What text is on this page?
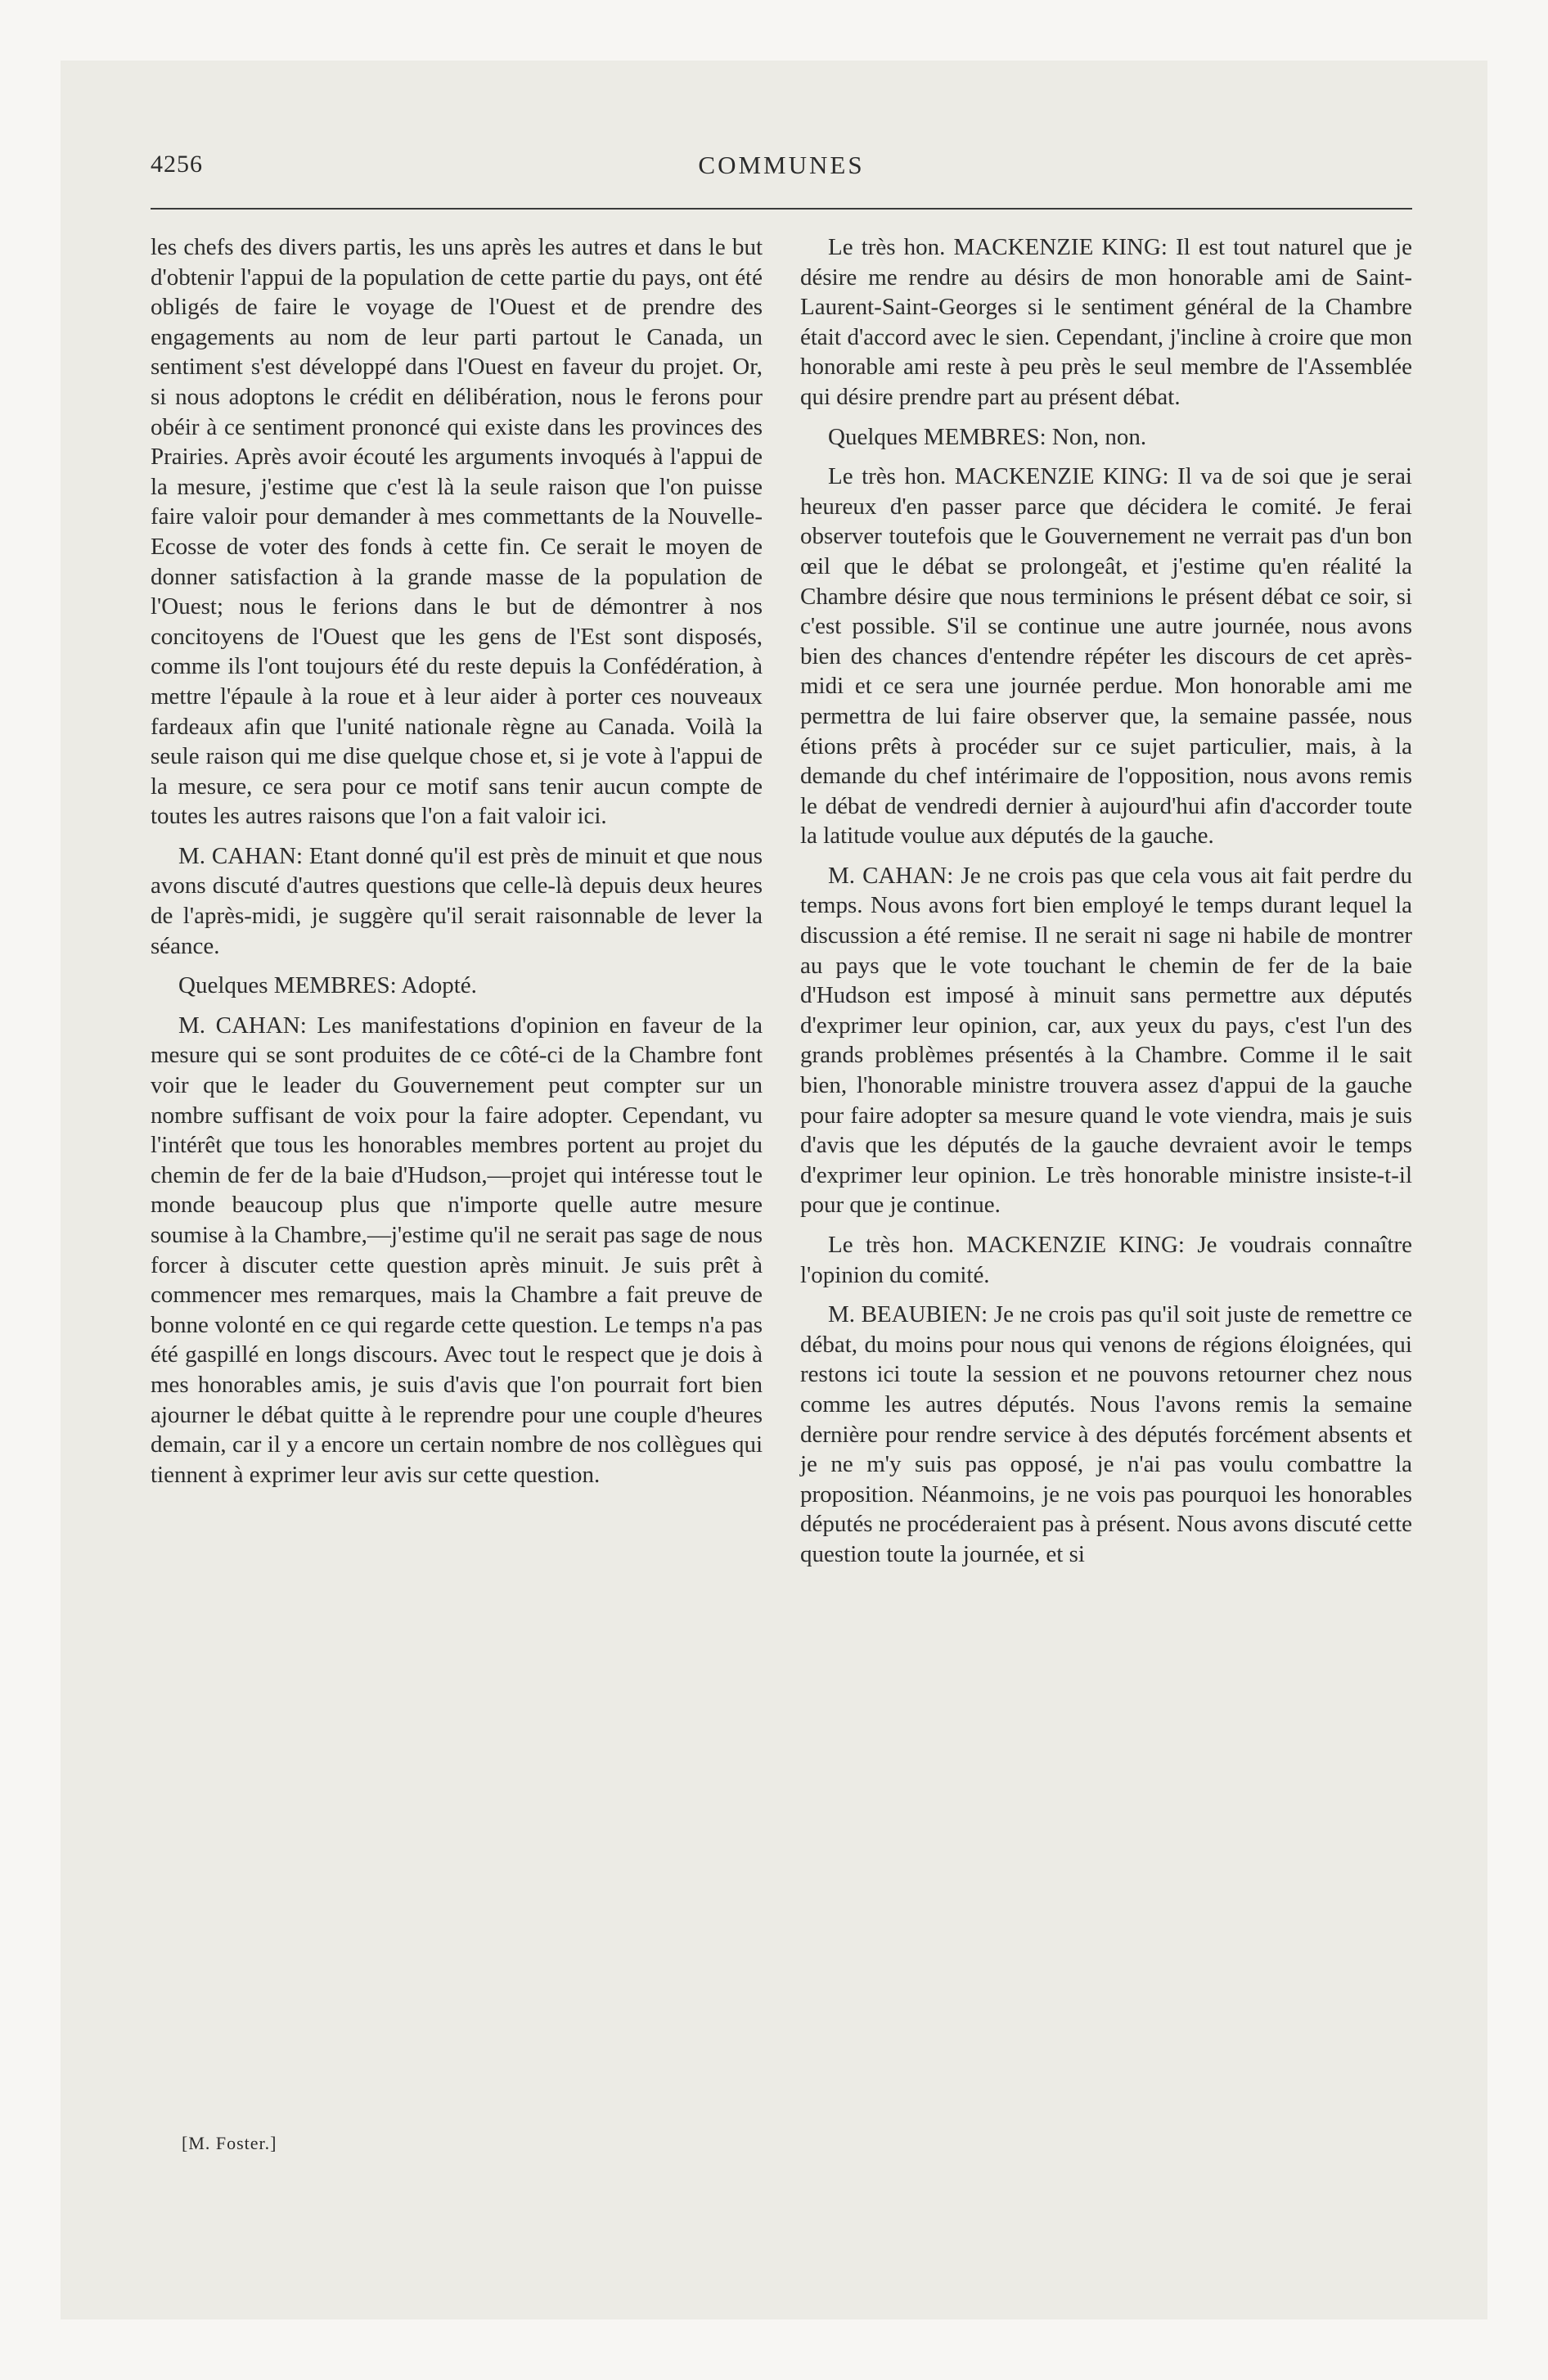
4256	COMMUNES

les chefs des divers partis, les uns après les autres et dans le but d'obtenir l'appui de la population de cette partie du pays, ont été obligés de faire le voyage de l'Ouest et de prendre des engagements au nom de leur parti partout le Canada, un sentiment s'est développé dans l'Ouest en faveur du projet. Or, si nous adoptons le crédit en délibération, nous le ferons pour obéir à ce sentiment prononcé qui existe dans les provinces des Prairies. Après avoir écouté les arguments invoqués à l'appui de la mesure, j'estime que c'est là la seule raison que l'on puisse faire valoir pour demander à mes commettants de la Nouvelle-Ecosse de voter des fonds à cette fin. Ce serait le moyen de donner satisfaction à la grande masse de la population de l'Ouest; nous le ferions dans le but de démontrer à nos concitoyens de l'Ouest que les gens de l'Est sont disposés, comme ils l'ont toujours été du reste depuis la Confédération, à mettre l'épaule à la roue et à leur aider à porter ces nouveaux fardeaux afin que l'unité nationale règne au Canada. Voilà la seule raison qui me dise quelque chose et, si je vote à l'appui de la mesure, ce sera pour ce motif sans tenir aucun compte de toutes les autres raisons que l'on a fait valoir ici.

M. CAHAN: Etant donné qu'il est près de minuit et que nous avons discuté d'autres questions que celle-là depuis deux heures de l'après-midi, je suggère qu'il serait raisonnable de lever la séance.

Quelques MEMBRES: Adopté.

M. CAHAN: Les manifestations d'opinion en faveur de la mesure qui se sont produites de ce côté-ci de la Chambre font voir que le leader du Gouvernement peut compter sur un nombre suffisant de voix pour la faire adopter. Cependant, vu l'intérêt que tous les honorables membres portent au projet du chemin de fer de la baie d'Hudson,—projet qui intéresse tout le monde beaucoup plus que n'importe quelle autre mesure soumise à la Chambre,—j'estime qu'il ne serait pas sage de nous forcer à discuter cette question après minuit. Je suis prêt à commencer mes remarques, mais la Chambre a fait preuve de bonne volonté en ce qui regarde cette question. Le temps n'a pas été gaspillé en longs discours. Avec tout le respect que je dois à mes honorables amis, je suis d'avis que l'on pourrait fort bien ajourner le débat quitte à le reprendre pour une couple d'heures demain, car il y a encore un certain nombre de nos collègues qui tiennent à exprimer leur avis sur cette question.

Le très hon. MACKENZIE KING: Il est tout naturel que je désire me rendre au désirs de mon honorable ami de Saint-Laurent-Saint-Georges si le sentiment général de la Chambre était d'accord avec le sien. Cependant, j'incline à croire que mon honorable ami reste à peu près le seul membre de l'Assemblée qui désire prendre part au présent débat.

Quelques MEMBRES: Non, non.

Le très hon. MACKENZIE KING: Il va de soi que je serai heureux d'en passer parce que décidera le comité. Je ferai observer toutefois que le Gouvernement ne verrait pas d'un bon œil que le débat se prolongeât, et j'estime qu'en réalité la Chambre désire que nous terminions le présent débat ce soir, si c'est possible. S'il se continue une autre journée, nous avons bien des chances d'entendre répéter les discours de cet après-midi et ce sera une journée perdue. Mon honorable ami me permettra de lui faire observer que, la semaine passée, nous étions prêts à procéder sur ce sujet particulier, mais, à la demande du chef intérimaire de l'opposition, nous avons remis le débat de vendredi dernier à aujourd'hui afin d'accorder toute la latitude voulue aux députés de la gauche.

M. CAHAN: Je ne crois pas que cela vous ait fait perdre du temps. Nous avons fort bien employé le temps durant lequel la discussion a été remise. Il ne serait ni sage ni habile de montrer au pays que le vote touchant le chemin de fer de la baie d'Hudson est imposé à minuit sans permettre aux députés d'exprimer leur opinion, car, aux yeux du pays, c'est l'un des grands problèmes présentés à la Chambre. Comme il le sait bien, l'honorable ministre trouvera assez d'appui de la gauche pour faire adopter sa mesure quand le vote viendra, mais je suis d'avis que les députés de la gauche devraient avoir le temps d'exprimer leur opinion. Le très honorable ministre insiste-t-il pour que je continue.

Le très hon. MACKENZIE KING: Je voudrais connaître l'opinion du comité.

M. BEAUBIEN: Je ne crois pas qu'il soit juste de remettre ce débat, du moins pour nous qui venons de régions éloignées, qui restons ici toute la session et ne pouvons retourner chez nous comme les autres députés. Nous l'avons remis la semaine dernière pour rendre service à des députés forcément absents et je ne m'y suis pas opposé, je n'ai pas voulu combattre la proposition. Néanmoins, je ne vois pas pourquoi les honorables députés ne procéderaient pas à présent. Nous avons discuté cette question toute la journée, et si

[M. Foster.]
